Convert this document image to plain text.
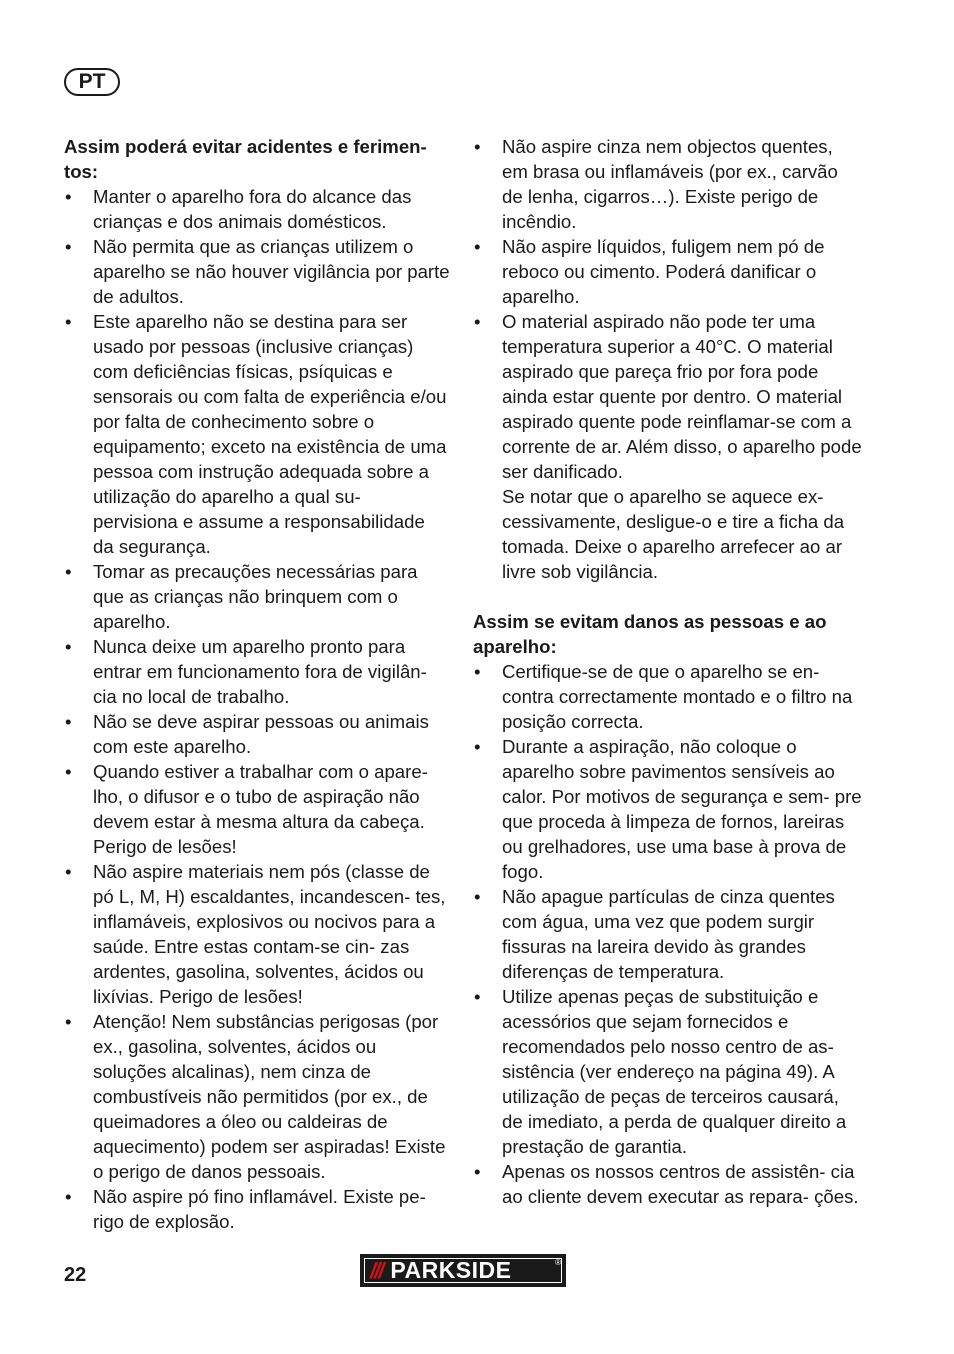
PT

Assim poderá evitar acidentes e ferimen- tos:

• Manter o aparelho fora do alcance das crianças e dos animais domésticos.
• Não permita que as crianças utilizem o aparelho se não houver vigilância por parte de adultos.
• Este aparelho não se destina para ser usado por pessoas (inclusive crianças) com deficiências físicas, psíquicas e sensorais ou com falta de experiência e/ou por falta de conhecimento sobre o equipamento; exceto na existência de uma pessoa com instrução adequada sobre a utilização do aparelho a qual su- pervisiona e assume a responsabilidade da segurança.
• Tomar as precauções necessárias para que as crianças não brinquem com o aparelho.
• Nunca deixe um aparelho pronto para entrar em funcionamento fora de vigilân- cia no local de trabalho.
• Não se deve aspirar pessoas ou animais com este aparelho.
• Quando estiver a trabalhar com o apare- lho, o difusor e o tubo de aspiração não devem estar à mesma altura da cabeça. Perigo de lesões!
• Não aspire materiais nem pós (classe de pó L, M, H) escaldantes, incandescen- tes, inflamáveis, explosivos ou nocivos para a saúde. Entre estas contam-se cin- zas ardentes, gasolina, solventes, ácidos ou lixívias. Perigo de lesões!
• Atenção! Nem substâncias perigosas (por ex., gasolina, solventes, ácidos ou soluções alcalinas), nem cinza de combustíveis não permitidos (por ex., de queimadores a óleo ou caldeiras de aquecimento) podem ser aspiradas! Existe o perigo de danos pessoais.
• Não aspire pó fino inflamável. Existe pe- rigo de explosão.
• Não aspire cinza nem objectos quentes, em brasa ou inflamáveis (por ex., carvão de lenha, cigarros…). Existe perigo de incêndio.
• Não aspire líquidos, fuligem nem pó de reboco ou cimento. Poderá danificar o aparelho.
• O material aspirado não pode ter uma temperatura superior a 40°C. O material aspirado que pareça frio por fora pode ainda estar quente por dentro. O material aspirado quente pode reinflamar-se com a corrente de ar. Além disso, o aparelho pode ser danificado.
Se notar que o aparelho se aquece ex- cessivamente, desligue-o e tire a ficha da tomada. Deixe o aparelho arrefecer ao ar livre sob vigilância.

Assim se evitam danos as pessoas e ao aparelho:

• Certifique-se de que o aparelho se en- contra correctamente montado e o filtro na posição correcta.
• Durante a aspiração, não coloque o aparelho sobre pavimentos sensíveis ao calor. Por motivos de segurança e sem- pre que proceda à limpeza de fornos, lareiras ou grelhadores, use uma base à prova de fogo.
• Não apague partículas de cinza quentes com água, uma vez que podem surgir fissuras na lareira devido às grandes diferenças de temperatura.
• Utilize apenas peças de substituição e acessórios que sejam fornecidos e recomendados pelo nosso centro de as- sistência (ver endereço na página 49). A utilização de peças de terceiros causará, de imediato, a perda de qualquer direito a prestação de garantia.
• Apenas os nossos centros de assistên- cia ao cliente devem executar as repara- ções.
22	/// PARKSIDE	®
